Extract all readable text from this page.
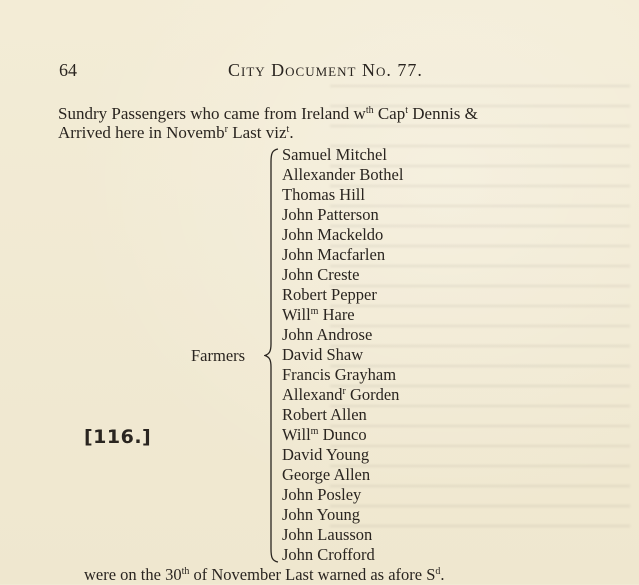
64	City Document No. 77.
Sundry Passengers who came from Ireland $w^{th}$ Cap$^t$ Dennis &
Arrived here in Novemb$^r$ Last viz$^t$.
Farmers
[116.]
Samuel Mitchel
Allexander Bothel
Thomas Hill
John Patterson
John Mackeldo
John Macfarlen
John Creste
Robert Pepper
Will$^m$ Hare
John Androse
David Shaw
Francis Grayham
Allexand$^r$ Gorden
Robert Allen
Will$^m$ Dunco
David Young
George Allen
John Posley
John Young
John Lausson
John Crofford
were on the 30th of November Last warned as afore $S^d$.
